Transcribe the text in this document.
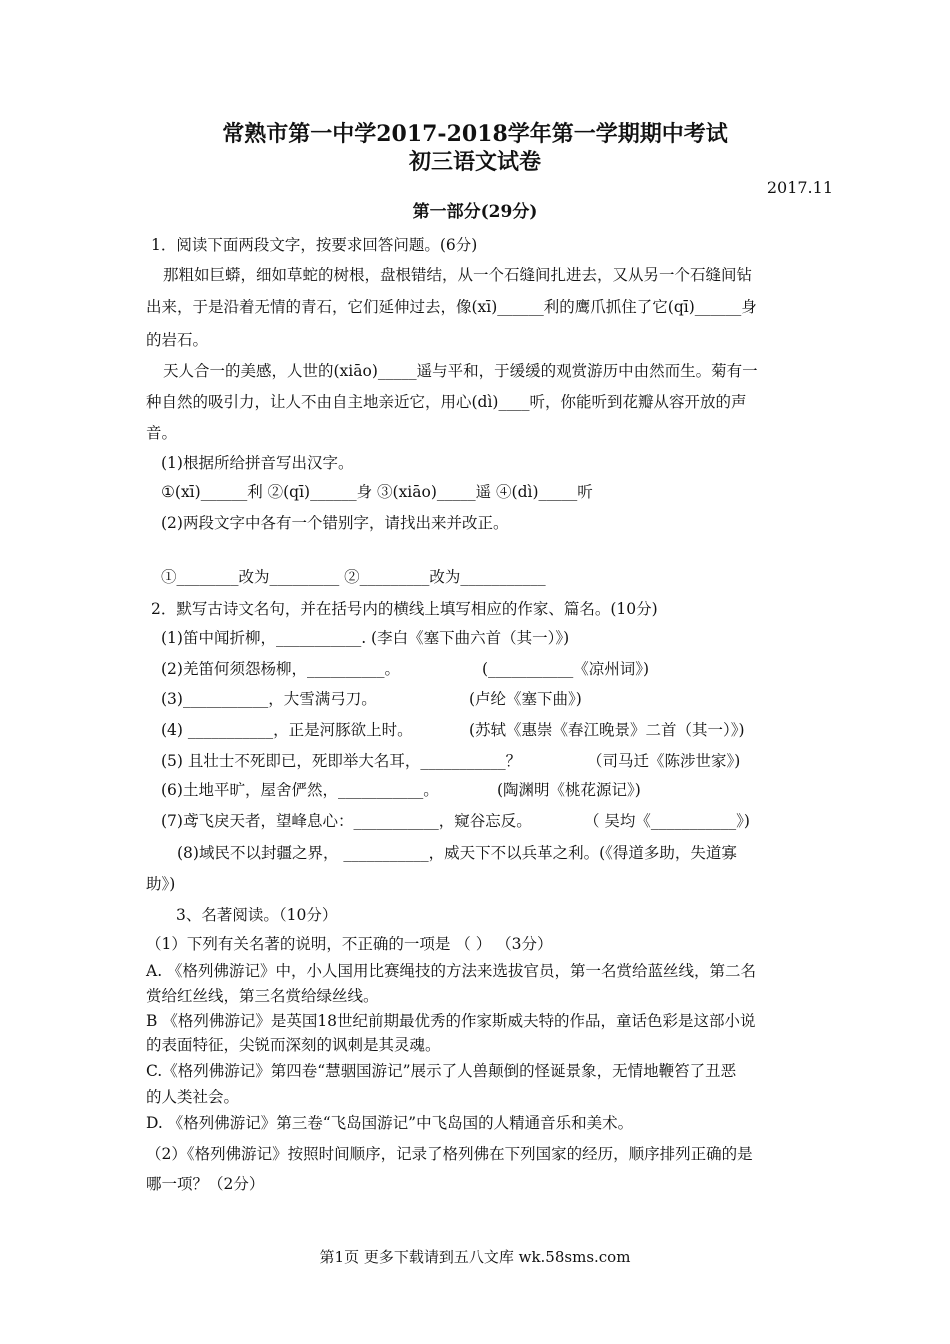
常熟市第一中学2017-2018学年第一学期期中考试
初三语文试卷
2017.11
第一部分(29分)
1．阅读下面两段文字，按要求回答问题。(6分)
那粗如巨蟒，细如草蛇的树根，盘根错结，从一个石缝间扎进去，又从另一个石缝间钻
出来，于是沿着无情的青石，它们延伸过去，像(xī)______利的鹰爪抓住了它(qī)______身
的岩石。
天人合一的美感，人世的(xiāo)_____遥与平和，于缓缓的观赏游历中由然而生。菊有一
种自然的吸引力，让人不由自主地亲近它，用心(dì)____听，你能听到花瓣从容开放的声
音。
(1)根据所给拼音写出汉字。
①(xī)______利 ②(qī)______身 ③(xiāo)_____遥 ④(dì)_____听
(2)两段文字中各有一个错别字，请找出来并改正。
①________改为_________ ②_________改为___________
2．默写古诗文名句，并在括号内的横线上填写相应的作家、篇名。(10分)
(1)笛中闻折柳，___________. (李白《塞下曲六首（其一）》)
(2)羌笛何须怨杨柳，__________。	(___________《凉州词》)
(3)___________，大雪满弓刀。	(卢纶《塞下曲》)
(4) ___________，正是河豚欲上时。	(苏轼《惠崇《春江晚景》二首（其一）》)
(5) 且壮士不死即已，死即举大名耳，___________？	（司马迁《陈涉世家》)
(6)土地平旷，屋舍俨然，___________。	(陶渊明《桃花源记》)
(7)鸢飞戾天者，望峰息心：___________，窥谷忘反。	（ 吴均《___________》)
(8)域民不以封疆之界， ___________，威天下不以兵革之利。(《得道多助，失道寡
助》)
3、名著阅读。（10分）
（1）下列有关名著的说明，不正确的一项是 （ ） （3分）
A. 《格列佛游记》中，小人国用比赛绳技的方法来选拔官员，第一名赏给蓝丝线，第二名
赏给红丝线，第三名赏给绿丝线。
B 《格列佛游记》是英国18世纪前期最优秀的作家斯威夫特的作品，童话色彩是这部小说
的表面特征，尖锐而深刻的讽刺是其灵魂。
C.《格列佛游记》第四卷“慧骃国游记”展示了人兽颠倒的怪诞景象，无情地鞭笞了丑恶
的人类社会。
D. 《格列佛游记》第三卷“飞岛国游记”中飞岛国的人精通音乐和美术。
（2）《格列佛游记》按照时间顺序，记录了格列佛在下列国家的经历，顺序排列正确的是
哪一项？（2分）
第1页 更多下载请到五八文库 wk.58sms.com
